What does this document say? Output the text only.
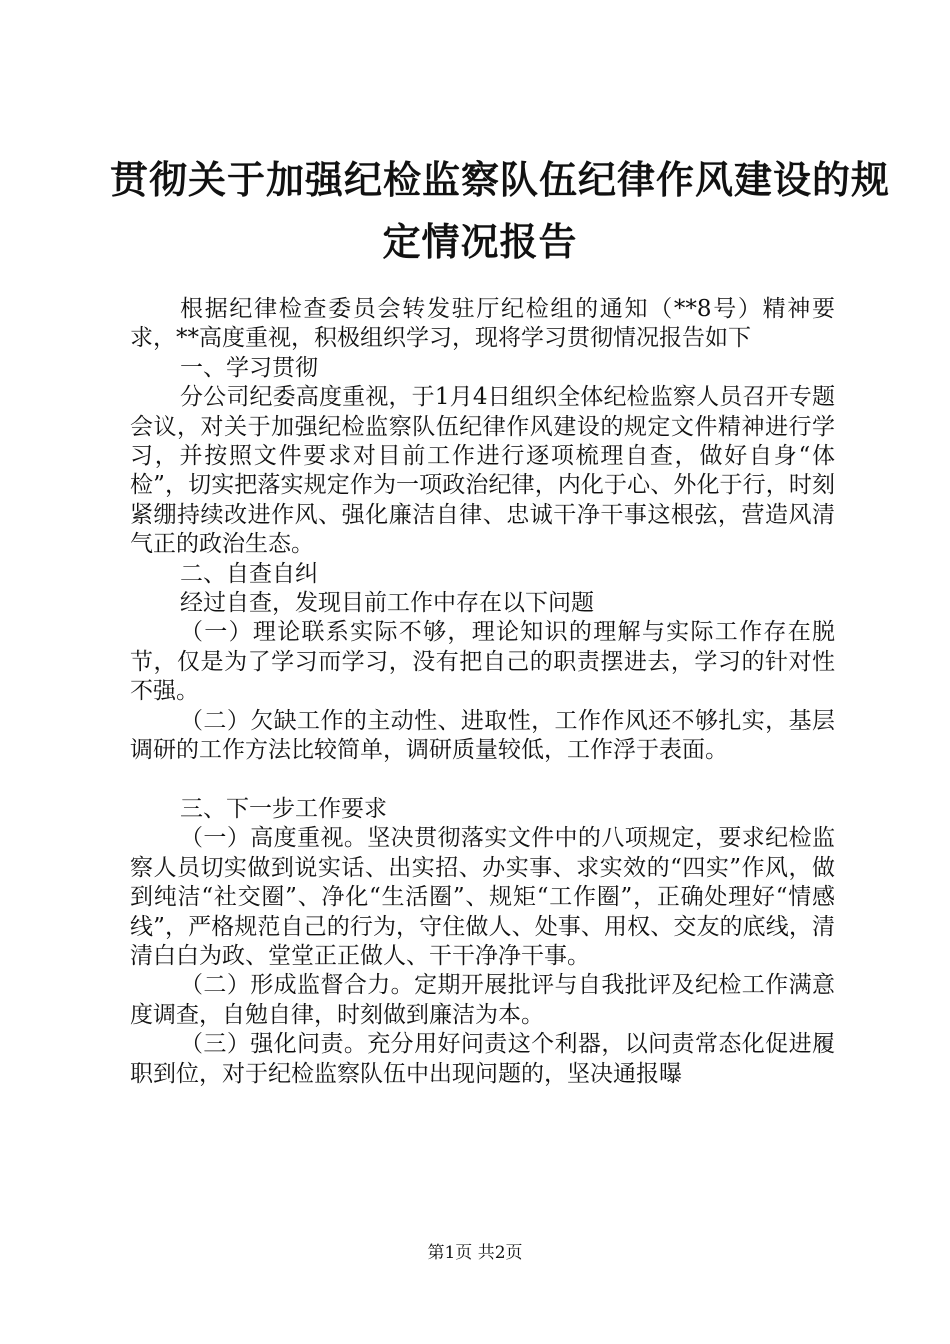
贯彻关于加强纪检监察队伍纪律作风建设的规
定情况报告

根据纪律检查委员会转发驻厅纪检组的通知（**8号）精神要求，**高度重视，积极组织学习，现将学习贯彻情况报告如下

一、学习贯彻

分公司纪委高度重视，于1月4日组织全体纪检监察人员召开专题会议，对关于加强纪检监察队伍纪律作风建设的规定文件精神进行学习，并按照文件要求对目前工作进行逐项梳理自查，做好自身“体检”，切实把落实规定作为一项政治纪律，内化于心、外化于行，时刻紧绷持续改进作风、强化廉洁自律、忠诚干净干事这根弦，营造风清气正的政治生态。

二、自查自纠

经过自查，发现目前工作中存在以下问题

（一）理论联系实际不够，理论知识的理解与实际工作存在脱节，仅是为了学习而学习，没有把自己的职责摆进去，学习的针对性不强。

（二）欠缺工作的主动性、进取性，工作作风还不够扎实，基层调研的工作方法比较简单，调研质量较低，工作浮于表面。

三、下一步工作要求

（一）高度重视。坚决贯彻落实文件中的八项规定，要求纪检监察人员切实做到说实话、出实招、办实事、求实效的“四实”作风，做到纯洁“社交圈”、净化“生活圈”、规矩“工作圈”，正确处理好“情感线”，严格规范自己的行为，守住做人、处事、用权、交友的底线，清清白白为政、堂堂正正做人、干干净净干事。

（二）形成监督合力。定期开展批评与自我批评及纪检工作满意度调查，自勉自律，时刻做到廉洁为本。

（三）强化问责。充分用好问责这个利器，以问责常态化促进履职到位，对于纪检监察队伍中出现问题的，坚决通报曝

第1页 共2页
